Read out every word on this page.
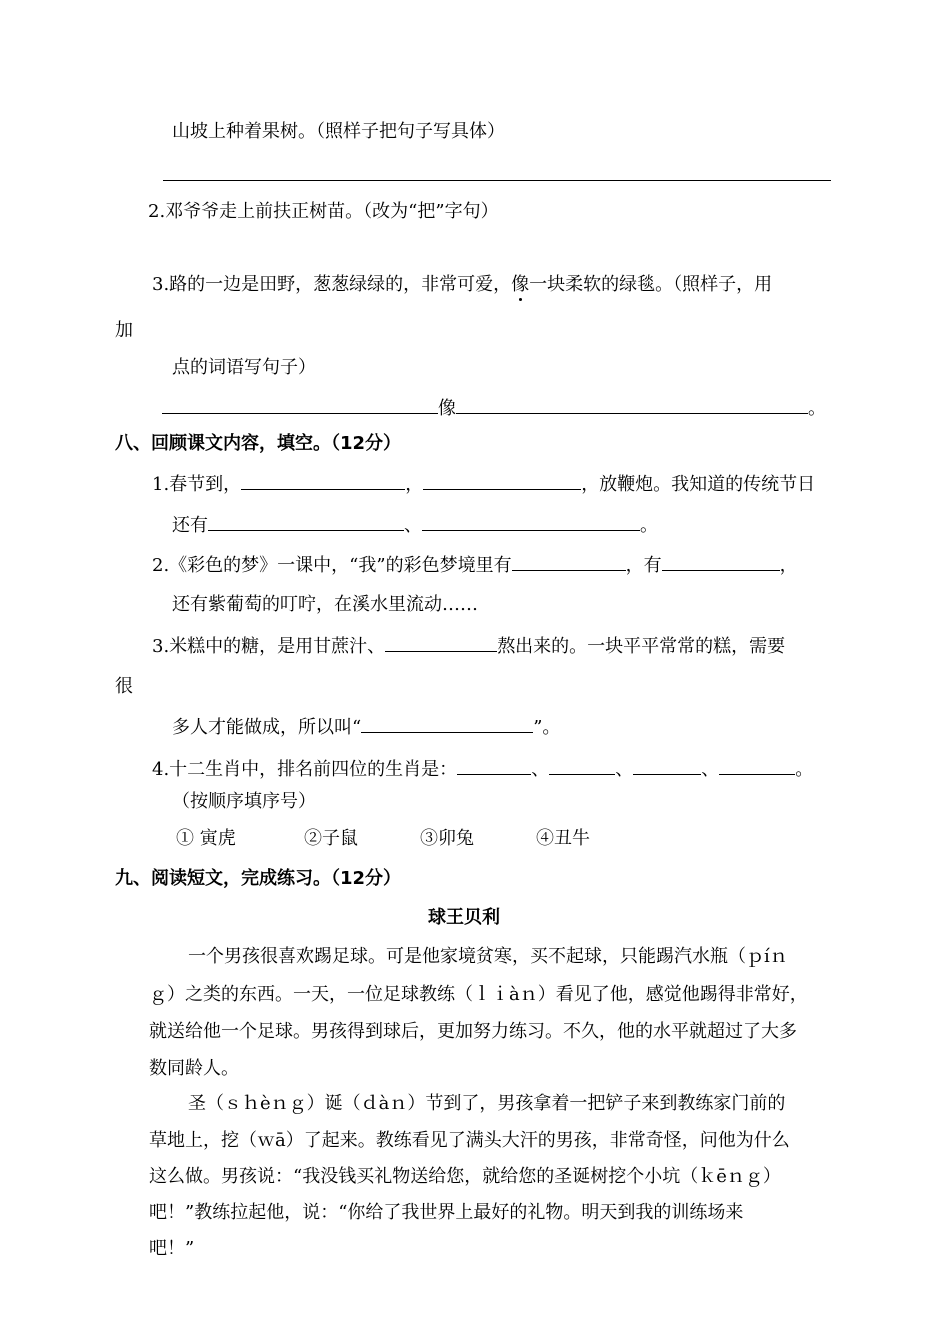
山坡上种着果树。（照样子把句子写具体）
2.邓爷爷走上前扶正树苗。（改为“把”字句）
3.路的一边是田野，葱葱绿绿的，非常可爱，像一块柔软的绿毯。（照样子，用
加
点的词语写句子）
像	。
八、回顾课文内容，填空。（12分）
1.春节到，	，	，放鞭炮。我知道的传统节日
还有	、	。
2.《彩色的梦》一课中，“我”的彩色梦境里有	，有	，
还有紫葡萄的叮咛，在溪水里流动……
3.米糕中的糖，是用甘蔗汁、	熬出来的。一块平平常常的糕，需要
很
多人才能做成，所以叫“	”。
4.十二生肖中，排名前四位的生肖是：	、	、	、	。
（按顺序填序号）
① 寅虎	②子鼠	③卯兔	④丑牛
九、阅读短文，完成练习。（12分）
球王贝利
一个男孩很喜欢踢足球。可是他家境贫寒，买不起球，只能踢汽水瓶（ｐíｎ
ｇ）之类的东西。一天，一位足球教练（ｌｉàｎ）看见了他，感觉他踢得非常好，
就送给他一个足球。男孩得到球后，更加努力练习。不久，他的水平就超过了大多
数同龄人。
圣（ｓｈèｎｇ）诞（ｄàｎ）节到了，男孩拿着一把铲子来到教练家门前的
草地上，挖（ｗā）了起来。教练看见了满头大汗的男孩，非常奇怪，问他为什么
这么做。男孩说：“我没钱买礼物送给您，就给您的圣诞树挖个小坑（ｋēｎｇ）
吧！”教练拉起他，说：“你给了我世界上最好的礼物。明天到我的训练场来
吧！”
